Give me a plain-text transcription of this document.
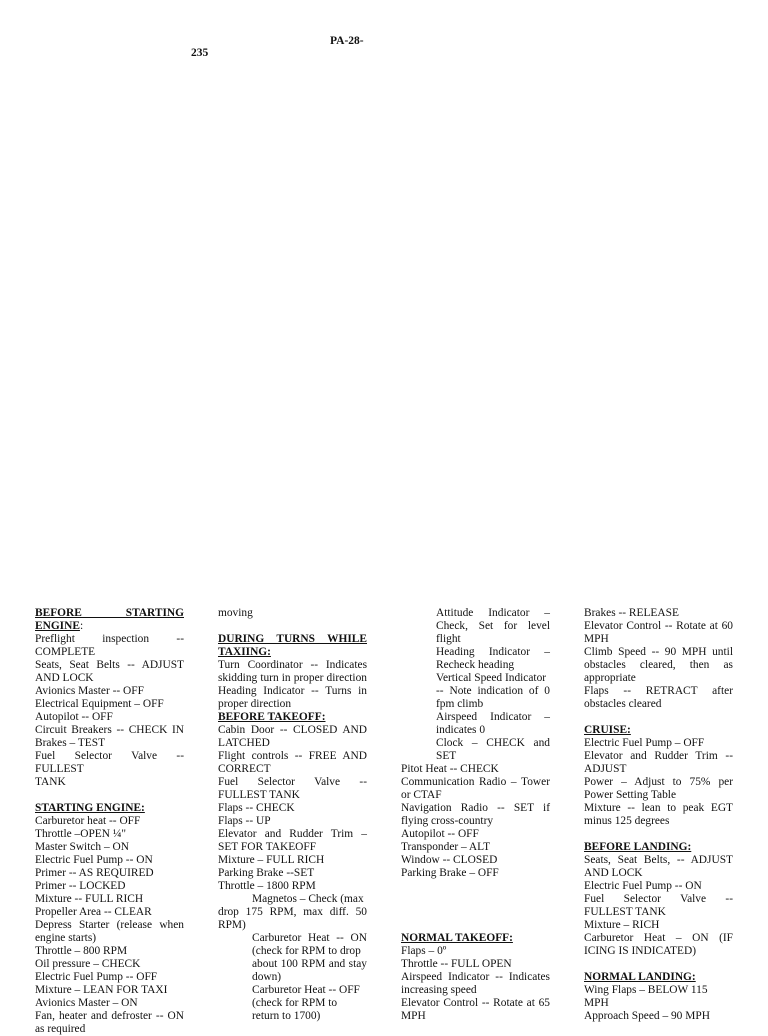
PA-28-
235
BEFORE STARTING
ENGINE:
Preflight inspection --
COMPLETE
Seats, Seat Belts -- ADJUST
AND LOCK
Avionics Master -- OFF
Electrical Equipment – OFF
Autopilot -- OFF
Circuit Breakers -- CHECK IN
Brakes – TEST
Fuel Selector Valve -- FULLEST
TANK
STARTING ENGINE:
Carburetor heat -- OFF
Throttle –OPEN ¼"
Master Switch – ON
Electric Fuel Pump -- ON
Primer -- AS REQUIRED
Primer -- LOCKED
Mixture -- FULL RICH
Propeller Area -- CLEAR
Depress Starter (release when
engine starts)
Throttle – 800 RPM
Oil pressure – CHECK
Electric Fuel Pump -- OFF
Mixture – LEAN FOR TAXI
Avionics Master – ON
Fan, heater and defroster -- ON
as required
moving
DURING TURNS WHILE
TAXIING:
Turn Coordinator -- Indicates
skidding turn in proper direction
Heading Indicator -- Turns in
proper direction
BEFORE TAKEOFF:
Cabin Door -- CLOSED AND
LATCHED
Flight controls -- FREE AND
CORRECT
Fuel Selector Valve --
FULLEST TANK
Flaps -- CHECK
Flaps -- UP
Elevator and Rudder Trim –
SET FOR TAKEOFF
Mixture – FULL RICH
Parking Brake --SET
Throttle – 1800 RPM
Magnetos – Check (max
drop 175 RPM, max diff. 50
RPM)
Carburetor Heat -- ON
(check for RPM to drop
about 100 RPM and stay
down)
Carburetor Heat -- OFF
(check for RPM to
return to 1700)
Attitude Indicator –
Check, Set for level
flight
Heading Indicator –
Recheck heading
Vertical Speed Indicator
-- Note indication of 0
fpm climb
Airspeed Indicator –
indicates 0
Clock – CHECK and
SET
Pitot Heat -- CHECK
Communication Radio – Tower
or CTAF
Navigation Radio -- SET if
flying cross-country
Autopilot -- OFF
Transponder – ALT
Window -- CLOSED
Parking Brake – OFF
NORMAL TAKEOFF:
Flaps – 0º
Throttle -- FULL OPEN
Airspeed Indicator -- Indicates
increasing speed
Elevator Control -- Rotate at 65
MPH
Brakes -- RELEASE
Elevator Control -- Rotate at 60
MPH
Climb Speed -- 90 MPH until
obstacles cleared, then as
appropriate
Flaps -- RETRACT after
obstacles cleared
CRUISE:
Electric Fuel Pump – OFF
Elevator and Rudder Trim --
ADJUST
Power – Adjust to 75% per
Power Setting Table
Mixture -- lean to peak EGT
minus 125 degrees
BEFORE LANDING:
Seats, Seat Belts, -- ADJUST
AND LOCK
Electric Fuel Pump -- ON
Fuel Selector Valve --
FULLEST TANK
Mixture – RICH
Carburetor Heat – ON (IF
ICING IS INDICATED)
NORMAL LANDING:
Wing Flaps – BELOW 115
MPH
Approach Speed – 90 MPH
